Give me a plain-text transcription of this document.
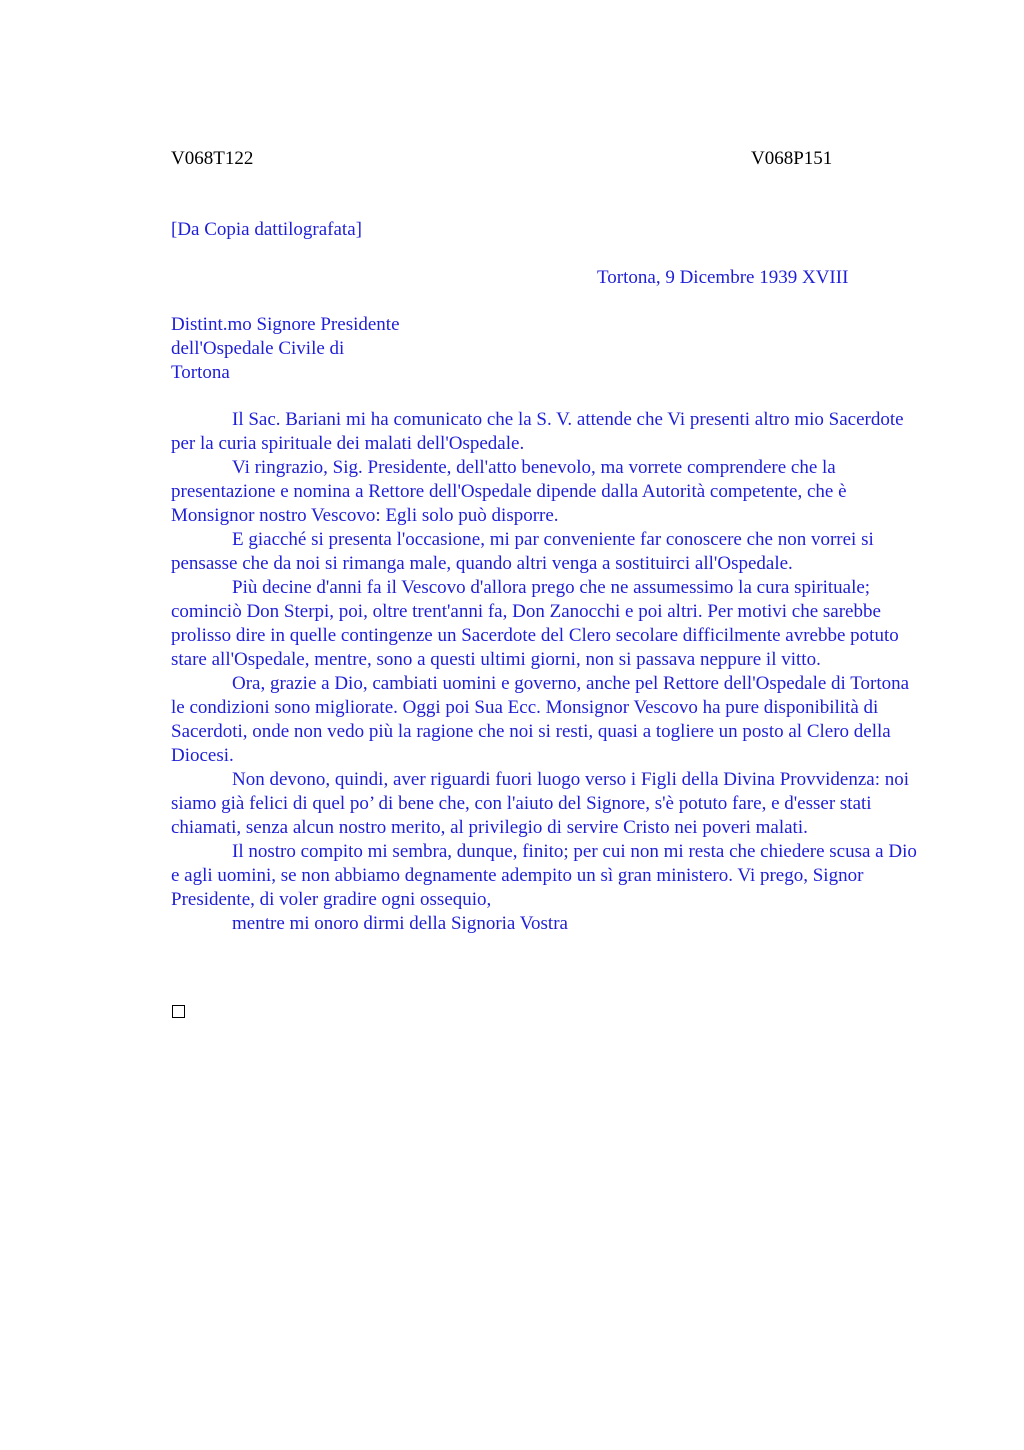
V068T122	V068P151
[Da Copia dattilografata]
Tortona, 9 Dicembre 1939 XVIII
Distint.mo Signore Presidente
dell'Ospedale Civile di
Tortona

Il Sac. Bariani mi ha comunicato che la S. V. attende che Vi presenti altro mio Sacerdote per la curia spirituale dei malati dell'Ospedale.

Vi ringrazio, Sig. Presidente, dell'atto benevolo, ma vorrete comprendere che la presentazione e nomina a Rettore dell'Ospedale dipende dalla Autorità competente, che è Monsignor nostro Vescovo: Egli solo può disporre.

E giacché si presenta l'occasione, mi par conveniente far conoscere che non vorrei si pensasse che da noi si rimanga male, quando altri venga a sostituirci all'Ospedale.

Più decine d'anni fa il Vescovo d'allora prego che ne assumessimo la cura spirituale; cominciò Don Sterpi, poi, oltre trent'anni fa, Don Zanocchi e poi altri. Per motivi che sarebbe prolisso dire in quelle contingenze un Sacerdote del Clero secolare difficilmente avrebbe potuto stare all'Ospedale, mentre, sono a questi ultimi giorni, non si passava neppure il vitto.

Ora, grazie a Dio, cambiati uomini e governo, anche pel Rettore dell'Ospedale di Tortona le condizioni sono migliorate. Oggi poi Sua Ecc. Monsignor Vescovo ha pure disponibilità di Sacerdoti, onde non vedo più la ragione che noi si resti, quasi a togliere un posto al Clero della Diocesi.

Non devono, quindi, aver riguardi fuori luogo verso i Figli della Divina Provvidenza: noi siamo già felici di quel po’ di bene che, con l'aiuto del Signore, s'è potuto fare, e d'esser stati chiamati, senza alcun nostro merito, al privilegio di servire Cristo nei poveri malati.

Il nostro compito mi sembra, dunque, finito; per cui non mi resta che chiedere scusa a Dio e agli uomini, se non abbiamo degnamente adempito un sì gran ministero. Vi prego, Signor Presidente, di voler gradire ogni ossequio,

mentre mi onoro dirmi della Signoria Vostra
